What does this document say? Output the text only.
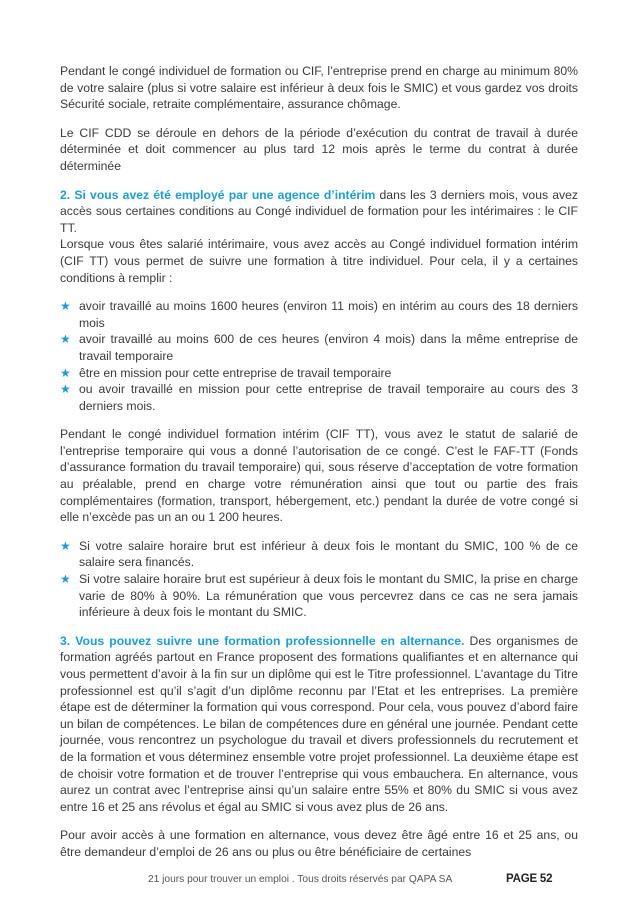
Pendant le congé individuel de formation ou CIF, l’entreprise prend en charge au minimum 80% de votre salaire (plus si votre salaire est inférieur à deux fois le SMIC) et vous gardez vos droits Sécurité sociale, retraite complémentaire, assurance chômage.

Le CIF CDD se déroule en dehors de la période d’exécution du contrat de travail à durée déterminée et doit commencer au plus tard 12 mois après le terme du contrat à durée déterminée

2. Si vous avez été employé par une agence d’intérim dans les 3 derniers mois, vous avez accès sous certaines conditions au Congé individuel de formation pour les intérimaires : le CIF TT.

Lorsque vous êtes salarié intérimaire, vous avez accès au Congé individuel formation intérim (CIF TT) vous permet de suivre une formation à titre individuel. Pour cela, il y a certaines conditions à remplir :

★ avoir travaillé au moins 1600 heures (environ 11 mois) en intérim au cours des 18 derniers mois
★ avoir travaillé au moins 600 de ces heures (environ 4 mois) dans la même entreprise de travail temporaire
★ être en mission pour cette entreprise de travail temporaire
★ ou avoir travaillé en mission pour cette entreprise de travail temporaire au cours des 3 derniers mois.

Pendant le congé individuel formation intérim (CIF TT), vous avez le statut de salarié de l’entreprise temporaire qui vous a donné l’autorisation de ce congé. C’est le FAF-TT (Fonds d’assurance formation du travail temporaire) qui, sous réserve d’acceptation de votre formation au préalable, prend en charge votre rémunération ainsi que tout ou partie des frais complémentaires (formation, transport, hébergement, etc.) pendant la durée de votre congé si elle n’excède pas un an ou 1 200 heures.

★ Si votre salaire horaire brut est inférieur à deux fois le montant du SMIC, 100 % de ce salaire sera financés.
★ Si votre salaire horaire brut est supérieur à deux fois le montant du SMIC, la prise en charge varie de 80% à 90%. La rémunération que vous percevrez dans ce cas ne sera jamais inférieure à deux fois le montant du SMIC.

3. Vous pouvez suivre une formation professionnelle en alternance. Des organismes de formation agréés partout en France proposent des formations qualifiantes et en alternance qui vous permettent d’avoir à la fin sur un diplôme qui est le Titre professionnel. L’avantage du Titre professionnel est qu’il s’agit d’un diplôme reconnu par l’Etat et les entreprises. La première étape est de déterminer la formation qui vous correspond. Pour cela, vous pouvez d’abord faire un bilan de compétences. Le bilan de compétences dure en général une journée. Pendant cette journée, vous rencontrez un psychologue du travail et divers professionnels du recrutement et de la formation et vous déterminez ensemble votre projet professionnel. La deuxième étape est de choisir votre formation et de trouver l’entreprise qui vous embauchera. En alternance, vous aurez un contrat avec l’entreprise ainsi qu’un salaire entre 55% et 80% du SMIC si vous avez entre 16 et 25 ans révolus et égal au SMIC si vous avez plus de 26 ans.

Pour avoir accès à une formation en alternance, vous devez être âgé entre 16 et 25 ans, ou être demandeur d’emploi de 26 ans ou plus ou être bénéficiaire de certaines

21 jours pour trouver un emploi . Tous droits réservés par QAPA SA	PAGE 52
